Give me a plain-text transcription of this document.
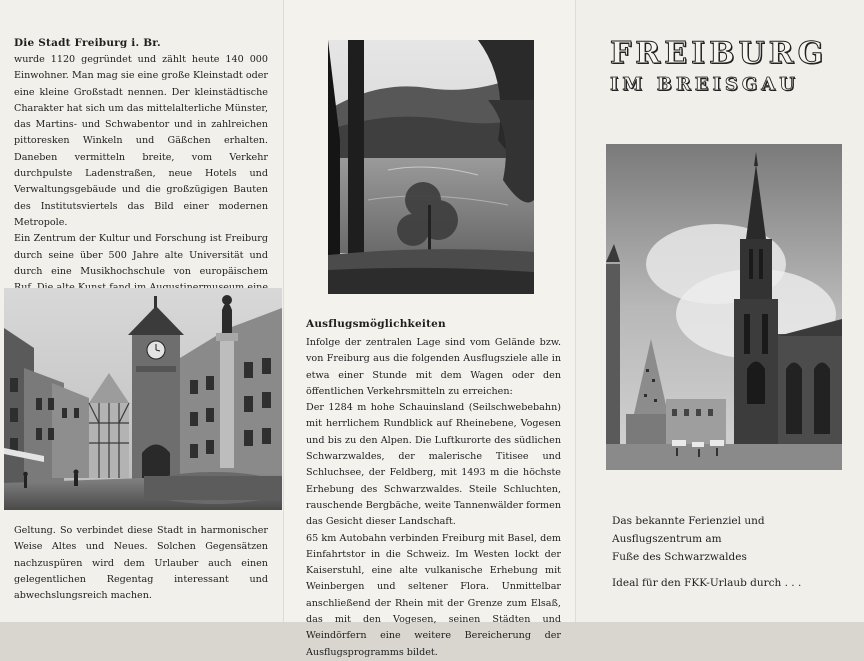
Die Stadt Freiburg i. Br.

wurde 1120 gegründet und zählt heute 140 000 Einwohner. Man mag sie eine große Kleinstadt oder eine kleine Großstadt nennen. Der kleinstädtische Charakter hat sich um das mittelalterliche Münster, das Martins- und Schwabentor und in zahlreichen pittoresken Winkeln und Gäßchen erhalten. Daneben vermitteln breite, vom Verkehr durchpulste Ladenstraßen, neue Hotels und Verwaltungsgebäude und die großzügigen Bauten des Institutsviertels das Bild einer modernen Metropole.

Ein Zentrum der Kultur und Forschung ist Freiburg durch seine über 500 Jahre alte Universität und durch eine Musikhochschule von europäischem

Geltung. So verbindet diese Stadt in harmonischer Weise Altes und Neues. Solchen Gegensätzen nachzuspüren wird dem Urlauber auch einen gelegentlichen Regentag interessant und abwechslungsreich machen.

Ausflugsmöglichkeiten

Infolge der zentralen Lage sind vom Gelände bzw. von Freiburg aus die folgenden Ausflugsziele alle in etwa einer Stunde mit dem Wagen oder den öffentlichen Verkehrsmitteln zu erreichen:

Der 1284 m hohe Schauinsland (Seilschwebebahn) mit herrlichem Rundblick auf Rheinebene, Vogesen und bis zu den Alpen. Die Luftkurorte des südlichen Schwarzwaldes, der malerische Titisee und Schluchsee, der Feldberg, mit 1493 m die höchste Erhebung des Schwarzwaldes. Steile Schluchten, rauschende Bergbäche, weite Tannenwälder formen das Gesicht dieser Landschaft.

65 km Autobahn verbinden Freiburg mit Basel, dem Einfahrtstor in die Schweiz. Im Westen lockt der Kaiserstuhl, eine alte vulkanische Erhebung mit Weinbergen und seltener Flora. Unmittelbar anschließend der Rhein mit der Grenze zum Elsaß, das mit den Vogesen, seinen Städten und Weindörfern eine weitere Bereicherung der Ausflugsprogramms bildet.

FREIBURG
IM BREISGAU
Das bekannte Ferienziel und
Ausflugszentrum am
Fuße des Schwarzwaldes
Ideal für den FKK-Urlaub durch . . .
